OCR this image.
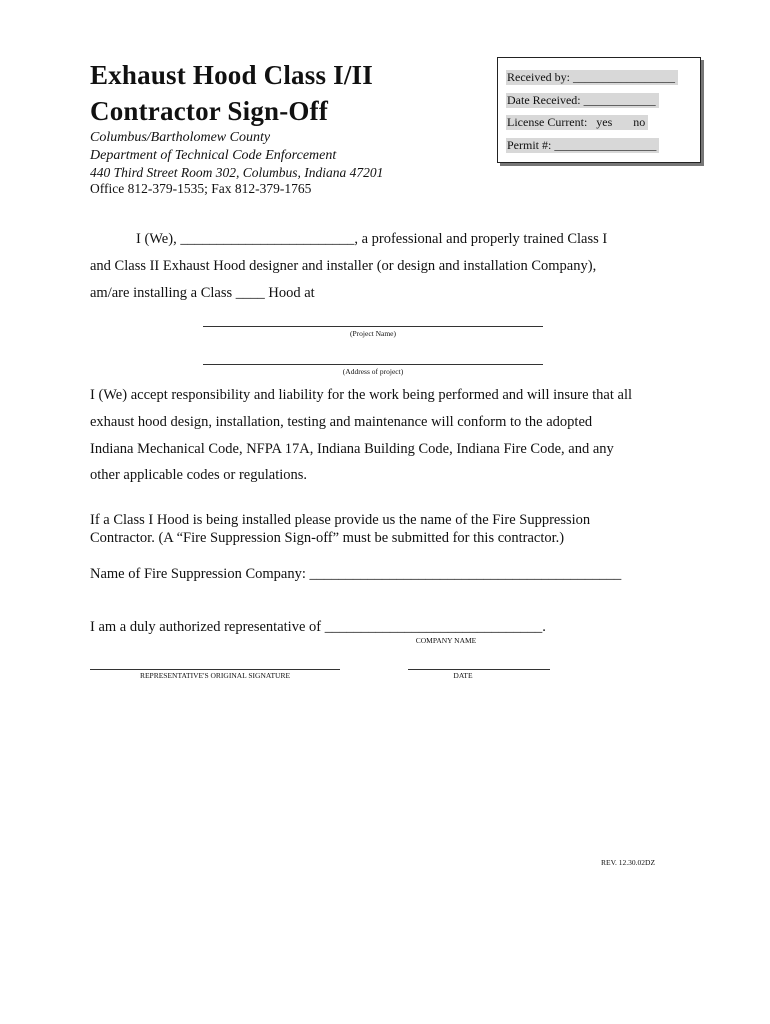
Exhaust Hood Class I/II
Contractor Sign-Off
Columbus/Bartholomew County
Department of Technical Code Enforcement
440 Third Street Room 302, Columbus, Indiana 47201
Office 812-379-1535; Fax 812-379-1765
Received by: _________________
Date Received: ____________
License Current:   yes       no
Permit #: _________________
I (We), ________________________, a professional and properly trained Class I
and Class II Exhaust Hood designer and installer (or design and installation Company),
am/are installing a Class ____ Hood at
(Project Name)
(Address of project)
I (We) accept responsibility and liability for the work being performed and will insure that all
exhaust hood design, installation, testing and maintenance will conform to the adopted
Indiana Mechanical Code, NFPA 17A, Indiana Building Code, Indiana Fire Code, and any
other applicable codes or regulations.
If a Class I Hood is being installed please provide us the name of the Fire Suppression
Contractor. (A “Fire Suppression Sign-off” must be submitted for this contractor.)
Name of Fire Suppression Company: ___________________________________________
I am a duly authorized representative of ______________________________.
COMPANY NAME
REPRESENTATIVE'S ORIGINAL SIGNATURE	DATE
REV. 12.30.02DZ
